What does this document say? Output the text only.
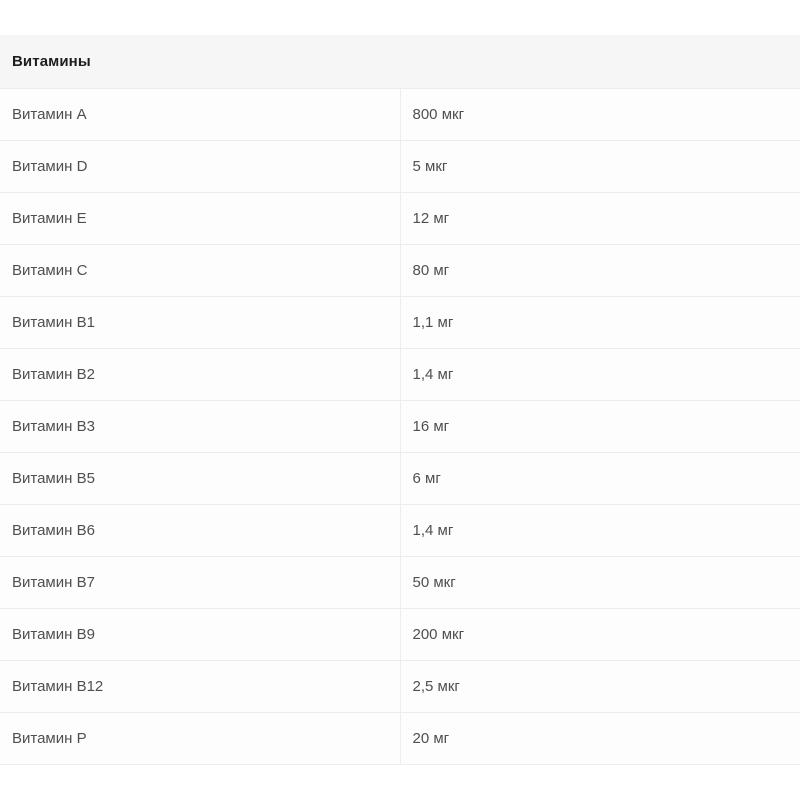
Витамины	
Витамин A	800 мкг
Витамин D	5 мкг
Витамин E	12 мг
Витамин C	80 мг
Витамин B1	1,1 мг
Витамин B2	1,4 мг
Витамин B3	16 мг
Витамин B5	6 мг
Витамин B6	1,4 мг
Витамин B7	50 мкг
Витамин B9	200 мкг
Витамин B12	2,5 мкг
Витамин P	20 мг
